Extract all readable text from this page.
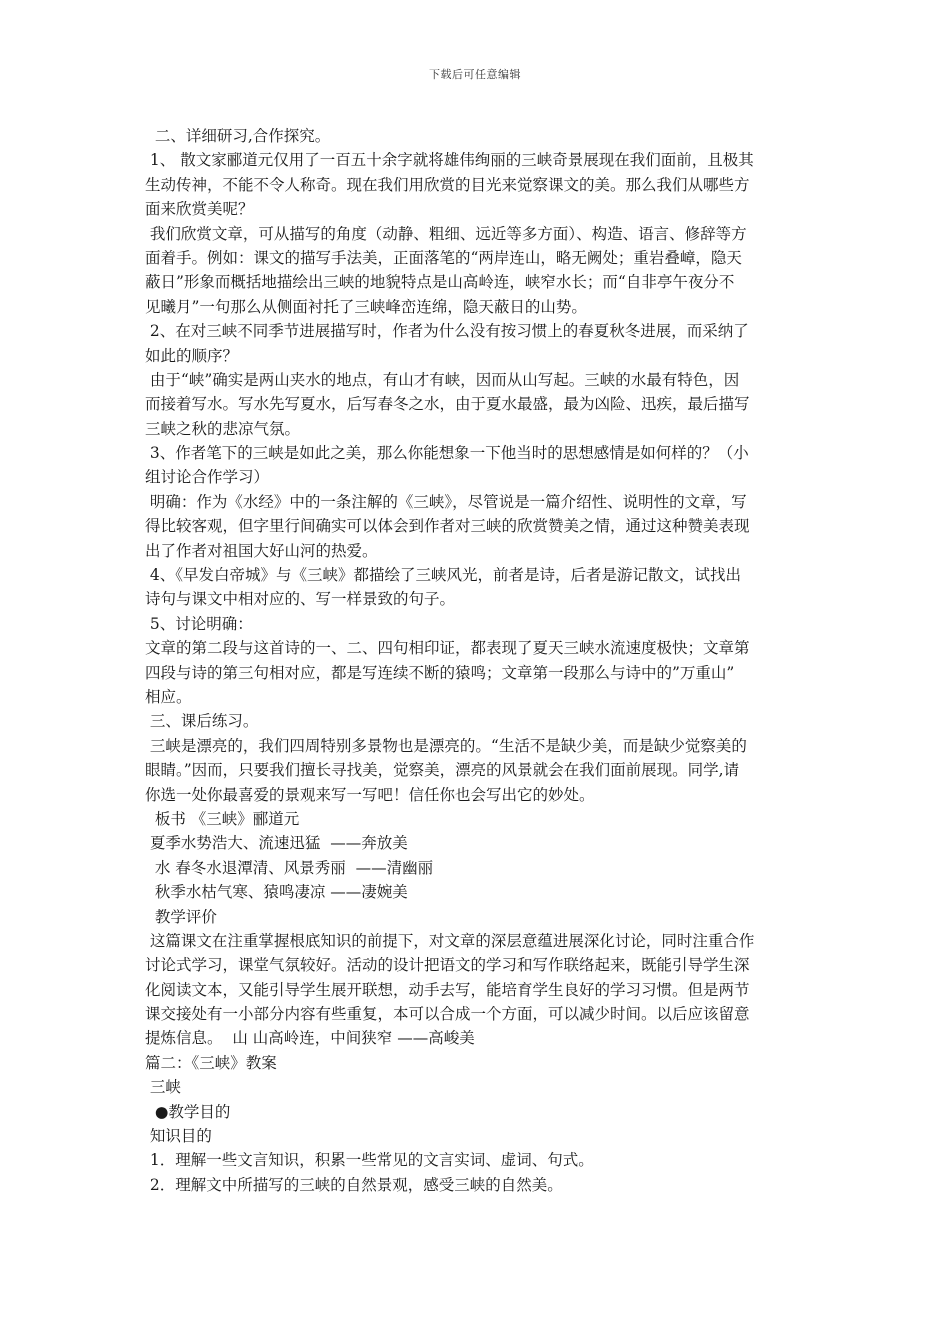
下载后可任意编辑
二、详细研习,合作探究。
1、 散文家郦道元仅用了一百五十余字就将雄伟绚丽的三峡奇景展现在我们面前，且极其
生动传神，不能不令人称奇。现在我们用欣赏的目光来觉察课文的美。那么我们从哪些方
面来欣赏美呢？
我们欣赏文章，可从描写的角度（动静、粗细、远近等多方面）、构造、语言、修辞等方
面着手。例如：课文的描写手法美，正面落笔的“两岸连山，略无阙处；重岩叠嶂，隐天
蔽日”形象而概括地描绘出三峡的地貌特点是山高岭连，峡窄水长；而“自非亭午夜分不
见曦月”一句那么从侧面衬托了三峡峰峦连绵，隐天蔽日的山势。
2、在对三峡不同季节进展描写时，作者为什么没有按习惯上的春夏秋冬进展，而采纳了
如此的顺序？
由于“峡”确实是两山夹水的地点，有山才有峡，因而从山写起。三峡的水最有特色，因
而接着写水。写水先写夏水，后写春冬之水，由于夏水最盛，最为凶险、迅疾，最后描写
三峡之秋的悲凉气氛。
3、作者笔下的三峡是如此之美，那么你能想象一下他当时的思想感情是如何样的？（小
组讨论合作学习）
明确：作为《水经》中的一条注解的《三峡》，尽管说是一篇介绍性、说明性的文章，写
得比较客观，但字里行间确实可以体会到作者对三峡的欣赏赞美之情，通过这种赞美表现
出了作者对祖国大好山河的热爱。
4、《早发白帝城》与《三峡》都描绘了三峡风光，前者是诗，后者是游记散文，试找出
诗句与课文中相对应的、写一样景致的句子。
5、讨论明确：
文章的第二段与这首诗的一、二、四句相印证，都表现了夏天三峡水流速度极快；文章第
四段与诗的第三句相对应，都是写连续不断的猿鸣；文章第一段那么与诗中的”万重山”
相应。
三、课后练习。
三峡是漂亮的，我们四周特别多景物也是漂亮的。“生活不是缺少美，而是缺少觉察美的
眼睛。”因而，只要我们擅长寻找美，觉察美，漂亮的风景就会在我们面前展现。同学,请
你选一处你最喜爱的景观来写一写吧！信任你也会写出它的妙处。
板书 《三峡》郦道元
夏季水势浩大、流速迅猛  ——奔放美
水 春冬水退潭清、风景秀丽  ——清幽丽
秋季水枯气寒、猿鸣凄凉 ——凄婉美
教学评价
这篇课文在注重掌握根底知识的前提下，对文章的深层意蕴进展深化讨论，同时注重合作
讨论式学习，课堂气氛较好。活动的设计把语文的学习和写作联络起来，既能引导学生深
化阅读文本，又能引导学生展开联想，动手去写，能培育学生良好的学习习惯。但是两节
课交接处有一小部分内容有些重复，本可以合成一个方面，可以减少时间。以后应该留意
提炼信息。  山 山高岭连，中间狭窄 ——高峻美
篇二：《三峡》教案
三峡
●教学目的
知识目的
1．理解一些文言知识，积累一些常见的文言实词、虚词、句式。
2．理解文中所描写的三峡的自然景观，感受三峡的自然美。
